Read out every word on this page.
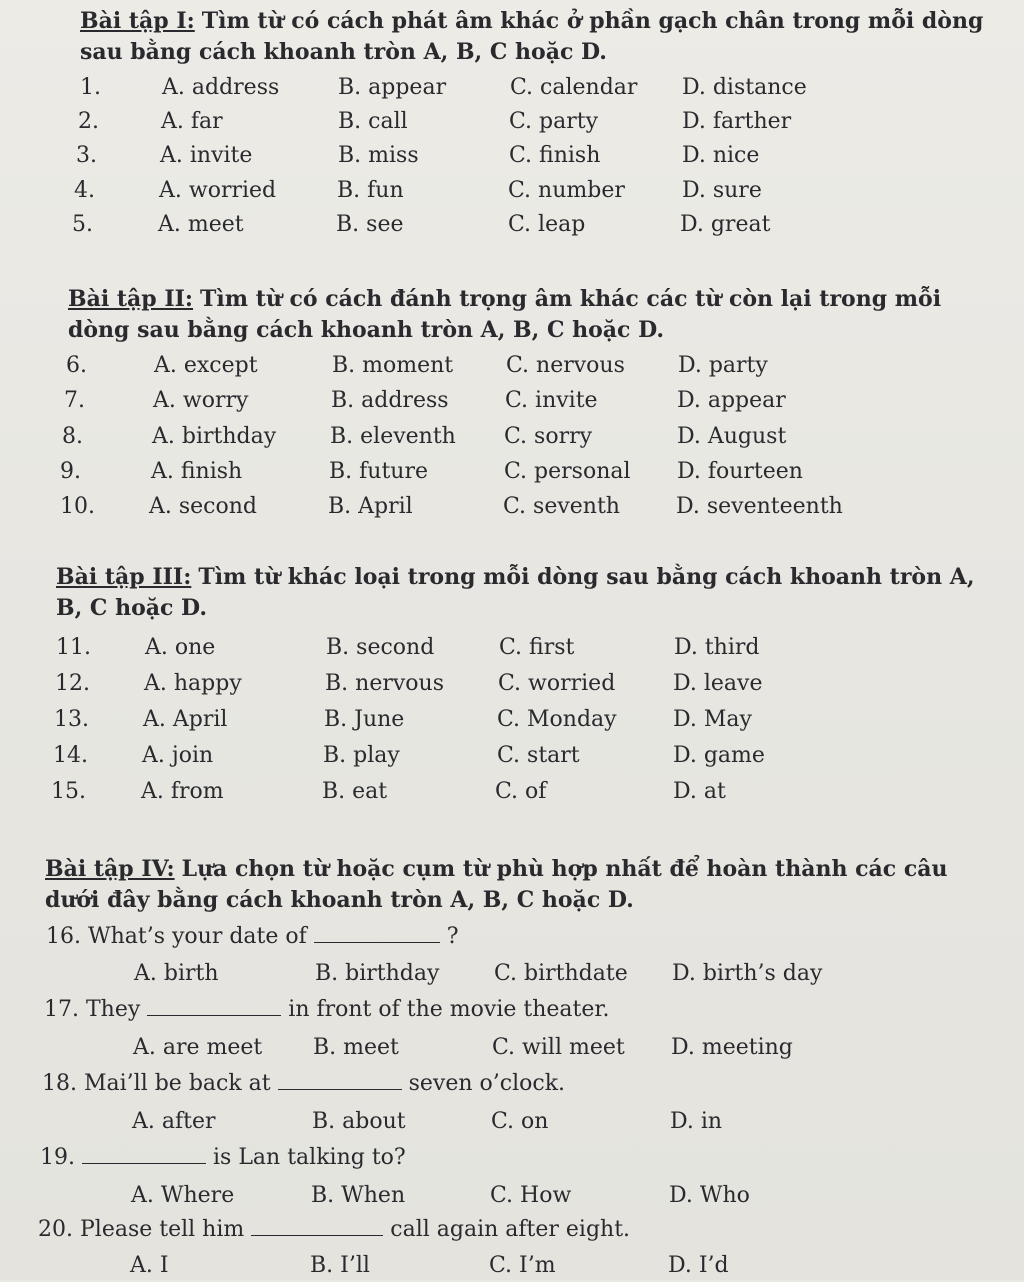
Bài tập I: Tìm từ có cách phát âm khác ở phần gạch chân trong mỗi dòng sau bằng cách khoanh tròn A, B, C hoặc D.
1.	A. address	B. appear	C. calendar D. distance
2.	A. far	B. call	C. party	D. farther
3.	A. invite	B. miss	C. finish	D. nice
4.	A. worried	B. fun	C. number	D. sure
5.	A. meet	B. see	C. leap	D. great
Bài tập II: Tìm từ có cách đánh trọng âm khác các từ còn lại trong mỗi dòng sau bằng cách khoanh tròn A, B, C hoặc D.
6.	A. except	B. moment C. nervous D. party
7.	A. worry	B. address	C. invite	D. appear
8.	A. birthday B. eleventh C. sorry	D. August
9.	A. finish	B. future	C. personal D. fourteen
10. A. second	B. April	C. seventh	D. seventeenth
Bài tập III: Tìm từ khác loại trong mỗi dòng sau bằng cách khoanh tròn A, B, C hoặc D.
11. A. one	B. second	C. first	D. third
12. A. happy	B. nervous C. worried	D. leave
13. A. April	B. June	C. Monday	D. May
14. A. join	B. play	C. start	D. game
15.	A. from	B. eat	C. of	D. at
Bài tập IV: Lựa chọn từ hoặc cụm từ phù hợp nhất để hoàn thành các câu dưới đây bằng cách khoanh tròn A, B, C hoặc D.
16. What’s your date of	?
A. birth	B. birthday C. birthdate D. birth’s day
17. They	in front of the movie theater.
A. are meet B. meet	C. will meet D. meeting
18. Mai’ll be back at	seven o’clock.
A. after	B. about	C. on	D. in
19.	is Lan talking to?
A. Where	B. When	C. How	D. Who
20. Please tell him	call again after eight.
A. I	B. I’ll	C. I’m	D. I’d
